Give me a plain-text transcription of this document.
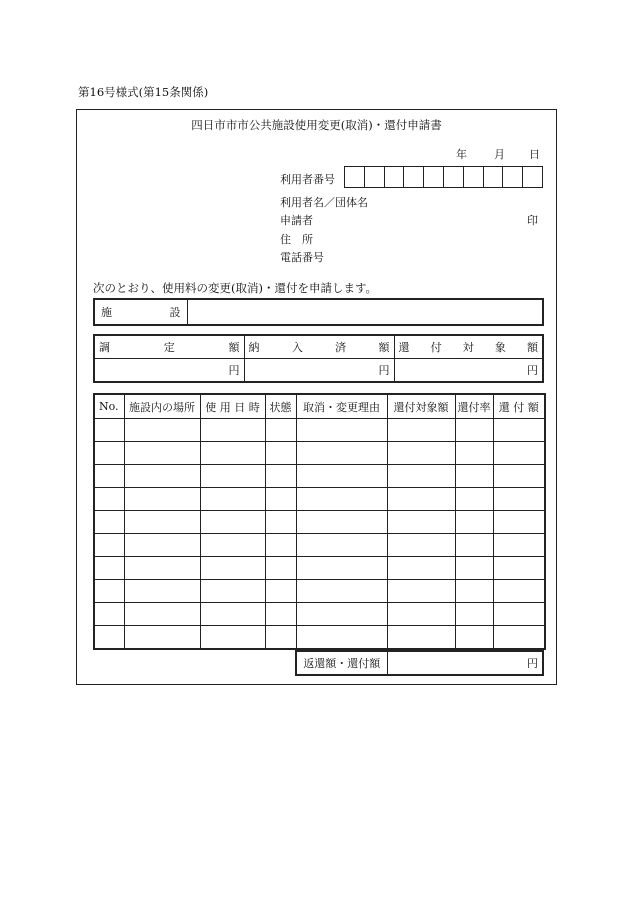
第16号様式(第15条関係)
四日市市市公共施設使用変更(取消)・還付申請書
年 月 日
利用者番号
利用者名／団体名
申請者	印
住　所
電話番号
次のとおり、使用料の変更(取消)・還付を申請します。
施	設

調 定 額	納 入 済 額	還 付 対 象 額

円	円	円
No.	施設内の場所	使 用 日 時	状態	取消・変更理由	還付対象額	還付率	還 付 額

返還額・還付額	円
